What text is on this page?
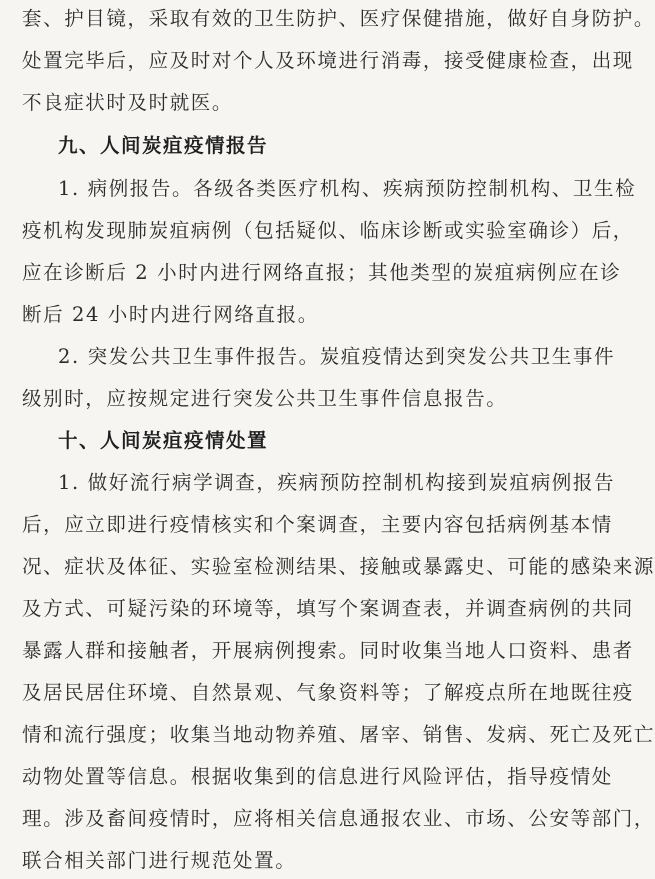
套、护目镜，采取有效的卫生防护、医疗保健措施，做好自身防护。
处置完毕后，应及时对个人及环境进行消毒，接受健康检查，出现
不良症状时及时就医。
九、人间炭疽疫情报告
1. 病例报告。各级各类医疗机构、疾病预防控制机构、卫生检
疫机构发现肺炭疽病例（包括疑似、临床诊断或实验室确诊）后，
应在诊断后 2 小时内进行网络直报；其他类型的炭疽病例应在诊
断后 24 小时内进行网络直报。
2. 突发公共卫生事件报告。炭疽疫情达到突发公共卫生事件
级别时，应按规定进行突发公共卫生事件信息报告。
十、人间炭疽疫情处置
1. 做好流行病学调查，疾病预防控制机构接到炭疽病例报告
后，应立即进行疫情核实和个案调查，主要内容包括病例基本情
况、症状及体征、实验室检测结果、接触或暴露史、可能的感染来源
及方式、可疑污染的环境等，填写个案调查表，并调查病例的共同
暴露人群和接触者，开展病例搜索。同时收集当地人口资料、患者
及居民居住环境、自然景观、气象资料等；了解疫点所在地既往疫
情和流行强度；收集当地动物养殖、屠宰、销售、发病、死亡及死亡
动物处置等信息。根据收集到的信息进行风险评估，指导疫情处
理。涉及畜间疫情时，应将相关信息通报农业、市场、公安等部门，
联合相关部门进行规范处置。
